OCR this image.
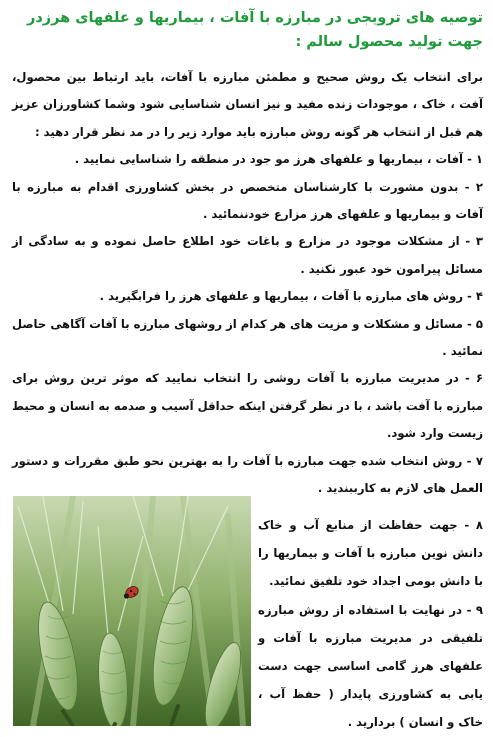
توصیه های ترویجی در مبارزه با آفات ، بیماریها و علفهای هرزدر جهت تولید محصول سالم :

برای انتخاب یک روش صحیح و مطمئن مبارزه با آفات، باید ارتباط بین محصول، آفت ، خاک ، موجودات زنده مفید و نیز انسان شناسایی شود وشما کشاورزان عزیز هم قبل از انتخاب هر گونه روش مبارزه باید موارد زیر را در مد نظر قرار دهید :

۱ - آفات ، بیماریها و علفهای هرز مو جود در منطقه را شناسایی نمایید .

۲ - بدون مشورت با کارشناسان متخصص در بخش کشاورزی اقدام به مبارزه با آفات و بیماریها و علفهای هرز مزارع خودننمائید .

۳ - از مشکلات موجود در مزارع و باغات خود اطلاع حاصل نموده و به سادگی از مسائل پیرامون خود عبور نکنید .

۴ - روش های مبارزه با آفات ، بیماریها و علفهای هرز را فرابگیرید .

۵ - مسائل و مشکلات و مزیت های هر کدام از روشهای مبارزه با آفات آگاهی حاصل نمائید .

۶ - در مدیریت مبارزه با آفات روشی را انتخاب نمایید که موثر ترین روش برای مبارزه با آفت باشد ، با در نظر گرفتن اینکه حداقل آسیب و صدمه به انسان و محیط زیست وارد شود.

۷ - روش انتخاب شده جهت مبارزه با آفات را به بهترین نحو طبق مقررات و دستور العمل های لازم به کارببندید .

۸ - جهت حفاظت از منابع آب و خاک دانش نوین مبارزه با آفات و بیماریها را با دانش بومی اجداد خود تلفیق نمائید.

۹ - در نهایت با استفاده از روش مبارزه تلفیقی در مدیریت مبارزه با آفات و علفهای هرز گامی اساسی جهت دست یابی به کشاورزی پایدار ( حفظ آب ، خاک و انسان ) بردارید .
